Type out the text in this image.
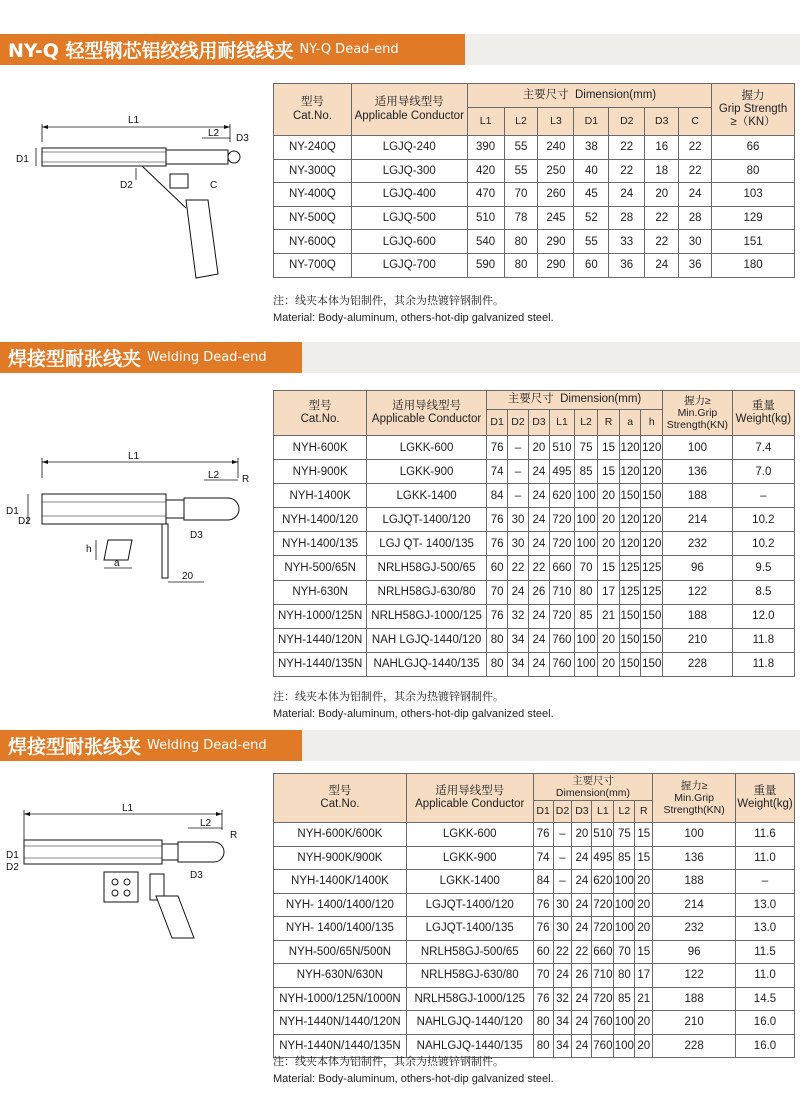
NY-Q 轻型钢芯铝绞线用耐线线夹 NY-Q Dead-end
L1
L2 D3
D1
D2	C
型号
Cat.No.	适用导线型号
Applicable Conductor	主要尺寸 Dimension(mm)							握力
Grip Strength
≥（KN）
		L1	L2	L3	D1	D2	D3	C	
NY-240Q	LGJQ-240	390	55	240	38	22	16	22	66
NY-300Q	LGJQ-300	420	55	250	40	22	18	22	80
NY-400Q	LGJQ-400	470	70	260	45	24	20	24	103
NY-500Q	LGJQ-500	510	78	245	52	28	22	28	129
NY-600Q	LGJQ-600	540	80	290	55	33	22	30	151
NY-700Q	LGJQ-700	590	80	290	60	36	24	36	180
注：线夹本体为铝制件，其余为热镀锌钢制件。
Material: Body-aluminum, others-hot-dip galvanized steel.
焊接型耐张线夹 Welding Dead-end
L1
L2 R
D1
D2
D3
h
a
20
型号
Cat.No.	适用导线型号
Applicable Conductor	主要尺寸 Dimension(mm)								握力≥
Min.Grip Strength(KN)	重量
Weight(kg)
		D1	D2	D3	L1	L2	R	a	h		
NYH-600K	LGKK-600	76	–	20	510	75	15	120	120	100	7.4
NYH-900K	LGKK-900	74	–	24	495	85	15	120	120	136	7.0
NYH-1400K	LGKK-1400	84	–	24	620	100	20	150	150	188	–
NYH-1400/120	LGJQT-1400/120	76	30	24	720	100	20	120	120	214	10.2
NYH-1400/135	LGJ QT- 1400/135	76	30	24	720	100	20	120	120	232	10.2
NYH-500/65N	NRLH58GJ-500/65	60	22	22	660	70	15	125	125	96	9.5
NYH-630N	NRLH58GJ-630/80	70	24	26	710	80	17	125	125	122	8.5
NYH-1000/125N	NRLH58GJ-1000/125	76	32	24	720	85	21	150	150	188	12.0
NYH-1440/120N	NAH LGJQ-1440/120	80	34	24	760	100	20	150	150	210	11.8
NYH-1440/135N	NAHLGJQ-1440/135	80	34	24	760	100	20	150	150	228	11.8
注：线夹本体为铝制件，其余为热镀锌钢制件。
Material: Body-aluminum, others-hot-dip galvanized steel.
焊接型耐张线夹 Welding Dead-end
L1
L2
R
D1
D2
D3
型号
Cat.No.	适用导线型号
Applicable Conductor	主要尺寸
Dimension(mm)						握力≥
Min.Grip Strength(KN)	重量
Weight(kg)
		D1	D2	D3	L1	L2	R		
NYH-600K/600K	LGKK-600	76	–	20	510	75	15	100	11.6
NYH-900K/900K	LGKK-900	74	–	24	495	85	15	136	11.0
NYH-1400K/1400K	LGKK-1400	84	–	24	620	100	20	188	–
NYH- 1400/1400/120	LGJQT-1400/120	76	30	24	720	100	20	214	13.0
NYH- 1400/1400/135	LGJQT-1400/135	76	30	24	720	100	20	232	13.0
NYH-500/65N/500N	NRLH58GJ-500/65	60	22	22	660	70	15	96	11.5
NYH-630N/630N	NRLH58GJ-630/80	70	24	26	710	80	17	122	11.0
NYH-1000/125N/1000N	NRLH58GJ-1000/125	76	32	24	720	85	21	188	14.5
NYH-1440N/1440/120N	NAHLGJQ-1440/120	80	34	24	760	100	20	210	16.0
NYH-1440N/1440/135N	NAHLGJQ-1440/135	80	34	24	760	100	20	228	16.0
注：线夹本体为铝制件，其余为热镀锌钢制件。
Material: Body-aluminum, others-hot-dip galvanized steel.
